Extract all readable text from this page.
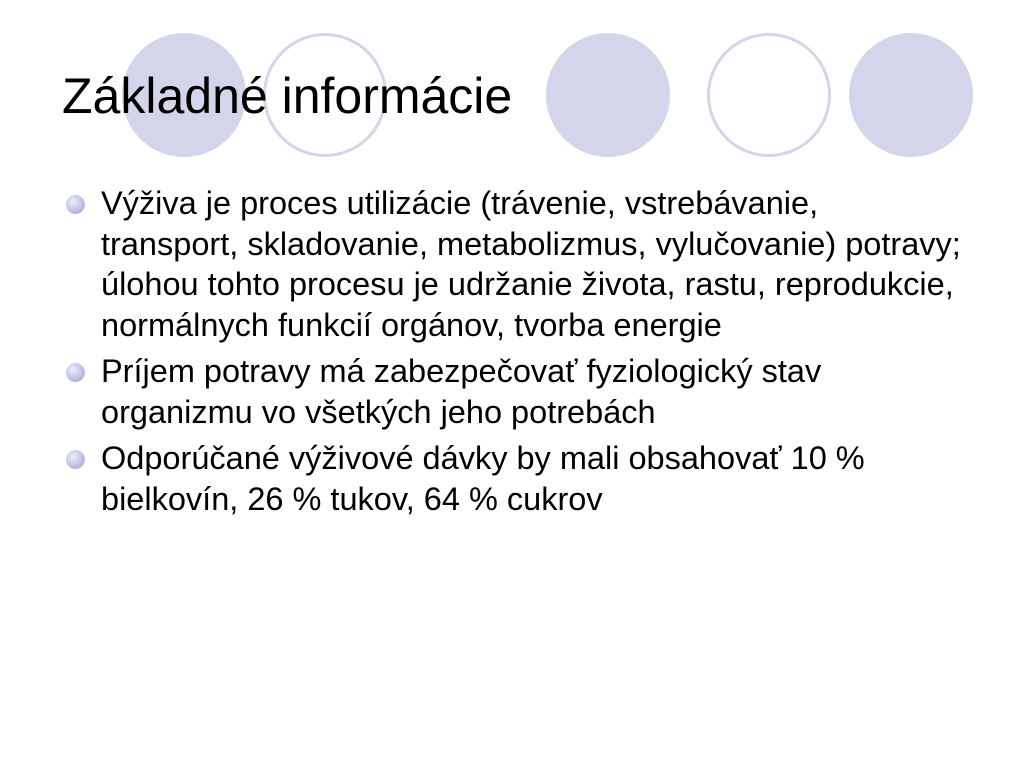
Základné informácie
Výživa je proces utilizácie (trávenie, vstrebávanie, transport, skladovanie, metabolizmus, vylučovanie) potravy; úlohou tohto procesu je udržanie života, rastu, reprodukcie, normálnych funkcií orgánov, tvorba energie
Príjem potravy má zabezpečovať fyziologický stav organizmu vo všetkých jeho potrebách
Odporúčané výživové dávky by mali obsahovať 10 % bielkovín, 26 % tukov, 64 % cukrov
